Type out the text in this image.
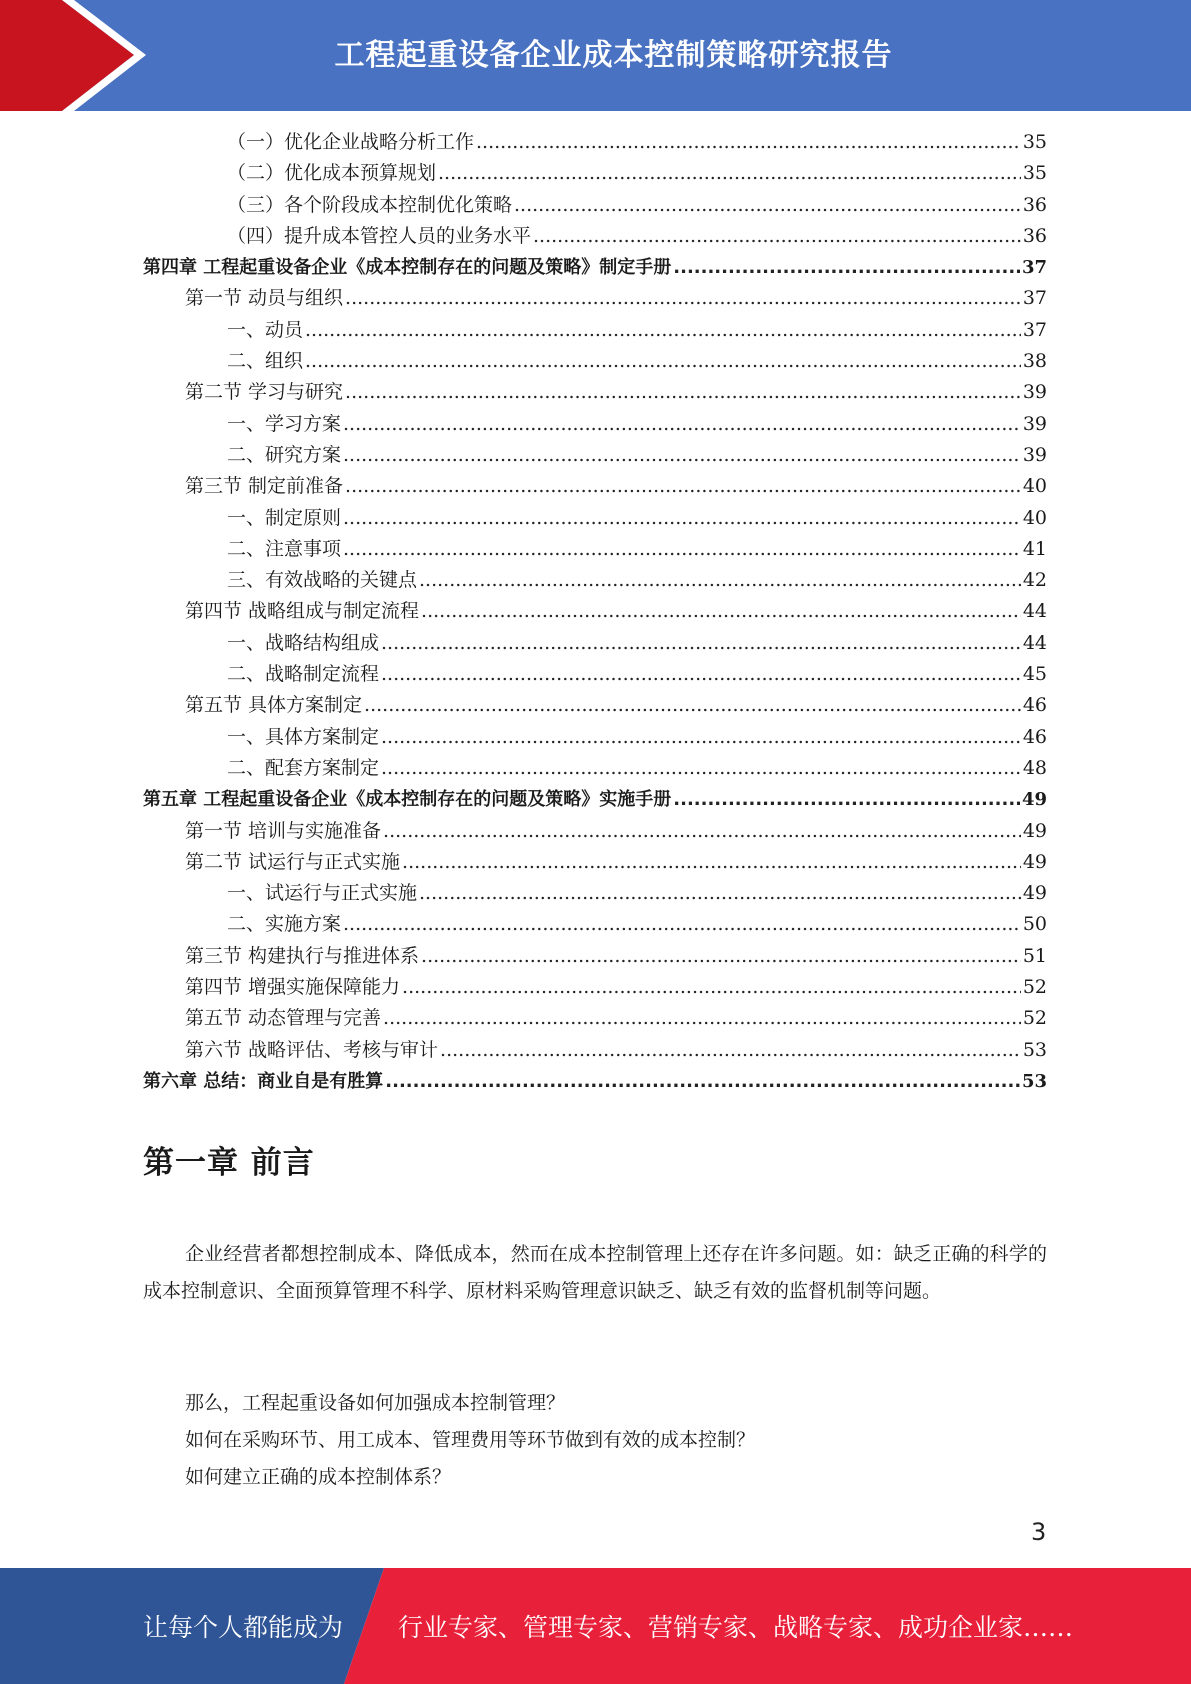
工程起重设备企业成本控制策略研究报告
（一）优化企业战略分析工作 .....	35
（二）优化成本预算规划 .....	35
（三）各个阶段成本控制优化策略 .....	36
（四）提升成本管控人员的业务水平 .....	36
第四章 工程起重设备企业《成本控制存在的问题及策略》制定手册 .....	37
第一节 动员与组织 .....	37
一、动员 .....	37
二、组织 .....	38
第二节 学习与研究 .....	39
一、学习方案 .....	39
二、研究方案 .....	39
第三节 制定前准备 .....	40
一、制定原则 .....	40
二、注意事项 .....	41
三、有效战略的关键点 .....	42
第四节 战略组成与制定流程 .....	44
一、战略结构组成 .....	44
二、战略制定流程 .....	45
第五节 具体方案制定 .....	46
一、具体方案制定 .....	46
二、配套方案制定 .....	48
第五章 工程起重设备企业《成本控制存在的问题及策略》实施手册 .....	49
第一节 培训与实施准备 .....	49
第二节 试运行与正式实施 .....	49
一、试运行与正式实施 .....	49
二、实施方案 .....	50
第三节 构建执行与推进体系 .....	51
第四节 增强实施保障能力 .....	52
第五节 动态管理与完善 .....	52
第六节 战略评估、考核与审计 .....	53
第六章 总结：商业自是有胜算 .....	53
第一章 前言

企业经营者都想控制成本、降低成本，然而在成本控制管理上还存在许多问题。如：缺乏正确的科学的成本控制意识、全面预算管理不科学、原材料采购管理意识缺乏、缺乏有效的监督机制等问题。

那么，工程起重设备如何加强成本控制管理？
如何在采购环节、用工成本、管理费用等环节做到有效的成本控制？
如何建立正确的成本控制体系？
3
让每个人都能成为 行业专家、管理专家、营销专家、战略专家、成功企业家……
